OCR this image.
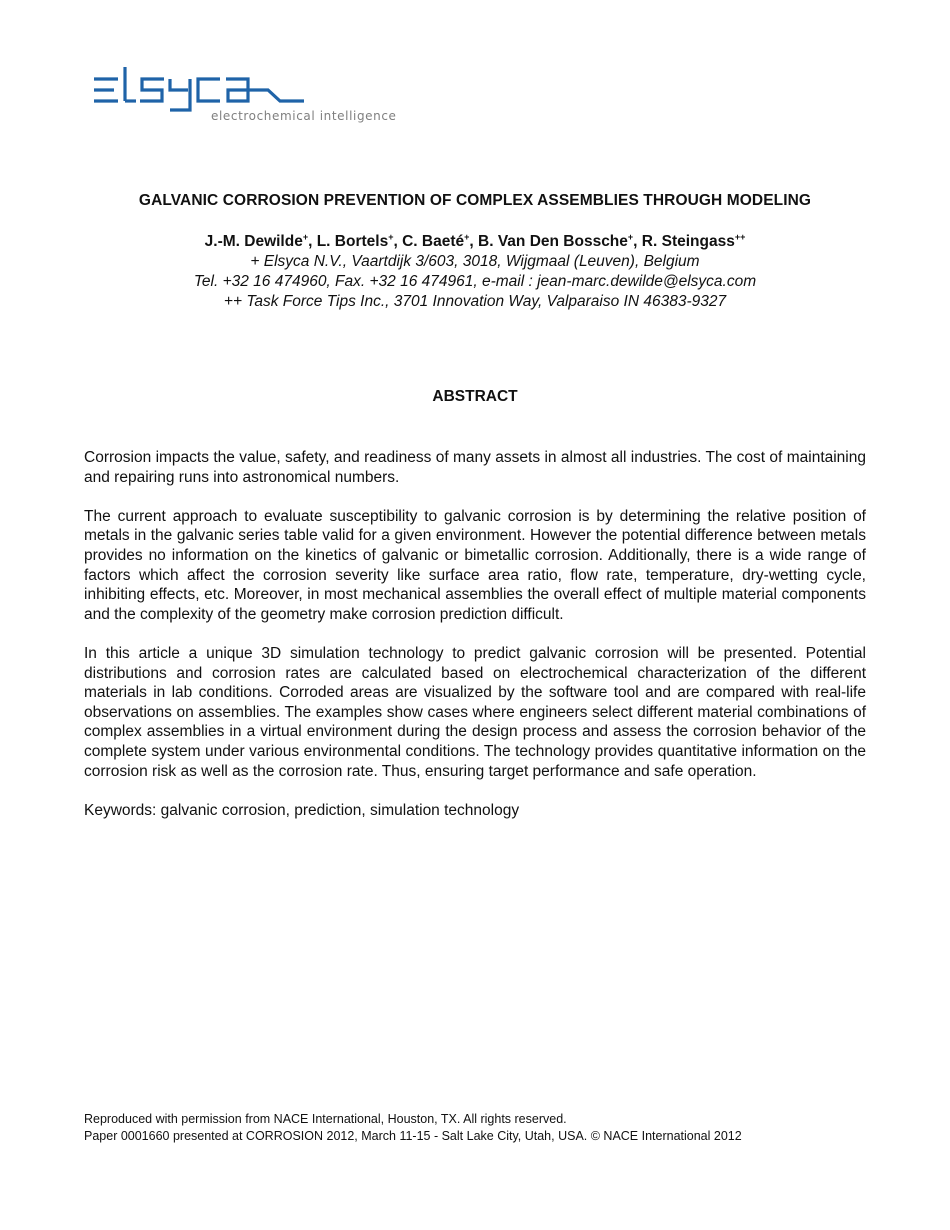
electrochemical intelligence
GALVANIC CORROSION PREVENTION OF COMPLEX ASSEMBLIES THROUGH MODELING
J.-M. Dewilde+, L. Bortels+, C. Baeté+, B. Van Den Bossche+, R. Steingass++
+ Elsyca N.V., Vaartdijk 3/603, 3018, Wijgmaal (Leuven), Belgium
Tel. +32 16 474960, Fax. +32 16 474961, e-mail : jean-marc.dewilde@elsyca.com
++ Task Force Tips Inc., 3701 Innovation Way, Valparaiso IN 46383-9327
ABSTRACT

Corrosion impacts the value, safety, and readiness of many assets in almost all industries. The cost of maintaining and repairing runs into astronomical numbers.

The current approach to evaluate susceptibility to galvanic corrosion is by determining the relative position of metals in the galvanic series table valid for a given environment. However the potential difference between metals provides no information on the kinetics of galvanic or bimetallic corrosion. Additionally, there is a wide range of factors which affect the corrosion severity like surface area ratio, flow rate, temperature, dry-wetting cycle, inhibiting effects, etc. Moreover, in most mechanical assemblies the overall effect of multiple material components and the complexity of the geometry make corrosion prediction difficult.

In this article a unique 3D simulation technology to predict galvanic corrosion will be presented. Potential distributions and corrosion rates are calculated based on electrochemical characterization of the different materials in lab conditions. Corroded areas are visualized by the software tool and are compared with real-life observations on assemblies. The examples show cases where engineers select different material combinations of complex assemblies in a virtual environment during the design process and assess the corrosion behavior of the complete system under various environmental conditions. The technology provides quantitative information on the corrosion risk as well as the corrosion rate. Thus, ensuring target performance and safe operation.

Keywords: galvanic corrosion, prediction, simulation technology

Reproduced with permission from NACE International, Houston, TX. All rights reserved.
Paper 0001660 presented at CORROSION 2012, March 11-15 - Salt Lake City, Utah, USA. © NACE International 2012
